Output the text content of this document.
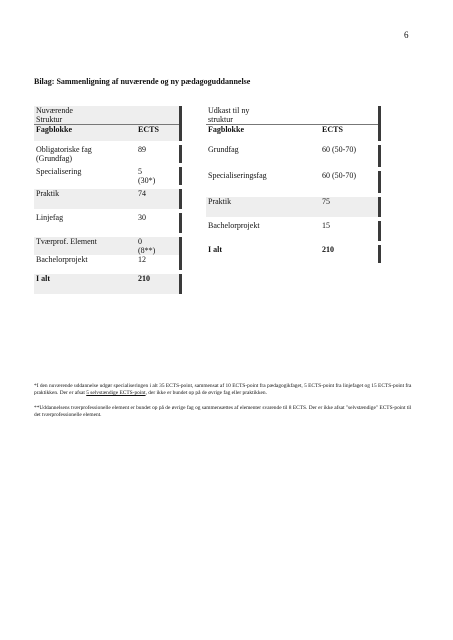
6
Bilag: Sammenligning af nuværende og ny pædagoguddannelse
Nuværende
Struktur		
Fagblokke	ECTS	

Obligatoriske fag
(Grundfag)	89	

Specialisering	5
(30*)	

Praktik	74	

Linjefag	30	

Tværprof. Element	0
(8**)	
Bachelorprojekt	12	

I alt	210	
Udkast til ny
struktur		
Fagblokke	ECTS	

Grundfag	60 (50-70)	

Specialiseringsfag	60 (50-70)	

Praktik	75	

Bachelorprojekt	15	

I alt	210	

*I den nuværende uddannelse udgør specialiseringen i alt 35 ECTS-point, sammensat af 10 ECTS-point fra pædagogikfaget, 5 ECTS-point fra linjefaget og 15 ECTS-point fra praktikken. Der er afsat 5 selvstændige ECTS-point, der ikke er bundet op på de øvrige fag eller praktikken.

**Uddannelsens tværprofessionelle element er bundet op på de øvrige fag og sammensættes af elementer svarende til 8 ECTS. Der er ikke afsat "selvstændige" ECTS-point til det tværprofessionelle element.
